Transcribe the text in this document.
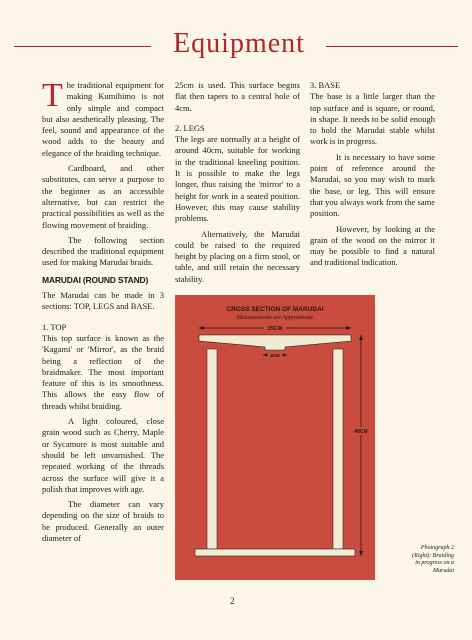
Equipment

The traditional equipment for making Kumihimo is not only simple and compact but also aesthetically pleasing. The feel, sound and appearance of the wood adds to the beauty and elegance of the braiding technique.

Cardboard, and other substitutes, can serve a purpose to the beginner as an accessible alternative, but can restrict the practical possibilities as well as the flowing movement of braiding.

The following section described the traditional equipment used for making Marudai braids.

MARUDAI (ROUND STAND)

The Marudai can be made in 3 sections: TOP, LEGS and BASE.

1. TOP

This top surface is known as the 'Kagami' or 'Mirror', as the braid being a reflection of the braidmaker. The most important feature of this is its smoothness. This allows the easy flow of threads whilst braiding.

A light coloured, close grain wood such as Cherry, Maple or Sycamore is most suitable and should be left unvarnished. The repeated working of the threads across the surface will give it a polish that improves with age.

The diameter can vary depending on the size of braids to be produced. Generally an outer diameter of

25cm is used. This surface begins flat then tapers to a central hole of 4cm.

2. LEGS

The legs are normally at a height of around 40cm, suitable for working in the traditional kneeling position. It is possible to make the legs longer, thus raising the 'mirror' to a height for work in a seated position. However, this may cause stability problems.

Alternatively, the Marudai could be raised to the required height by placing on a firm stool, or table, and still retain the necessary stability.

3. BASE

The base is a little larger than the top surface and is square, or round, in shape. It needs to be solid enough to hold the Marudai stable whilst work is in progress.

It is necessary to have some point of reference around the Marudai, so you may wish to mark the base, or leg. This will ensure that you always work from the same position.

However, by looking at the grain of the wood on the mirror it may be possible to find a natural and traditional indication.

CROSS SECTION OF MARUDAI
Measurements are Approximate
25CM
4CM
40CM
Photograph 2
(Right): Braiding
in progress on a
Marudai
2
